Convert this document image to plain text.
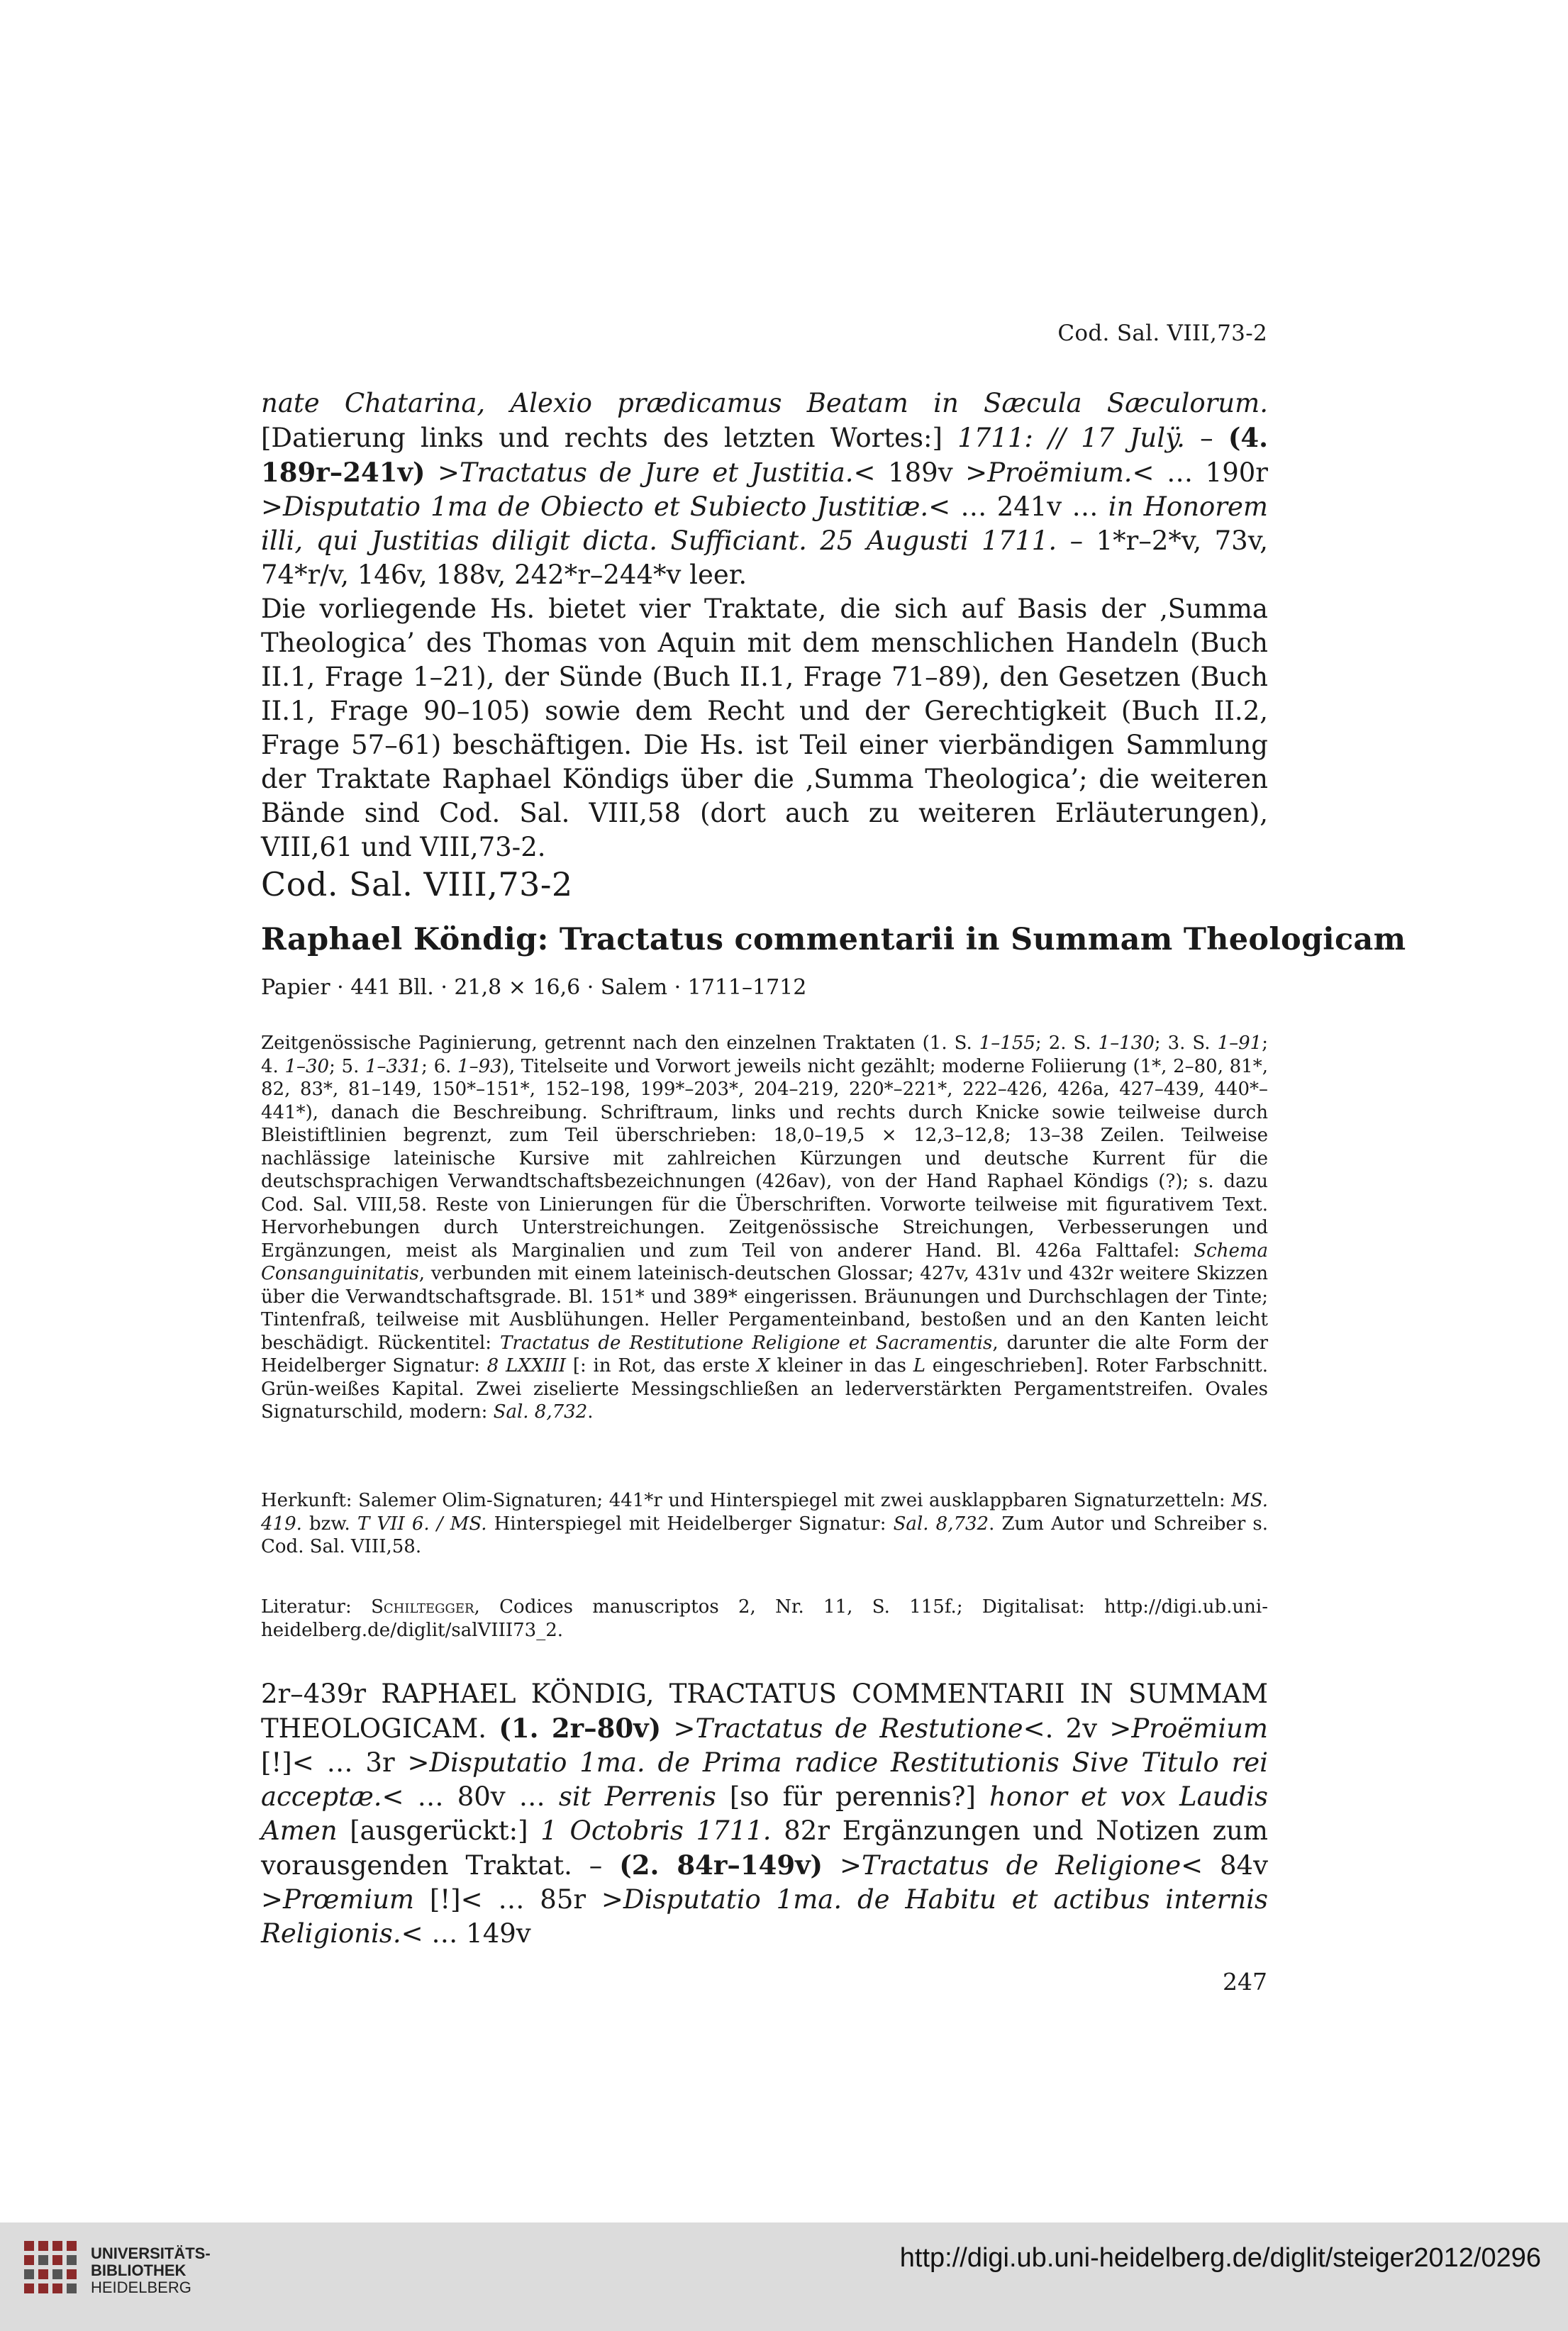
Cod. Sal. VIII,73-2

nate Chatarina, Alexio prædicamus Beatam in Sæcula Sæculorum. [Datierung links und rechts des letzten Wortes:] 1711: // 17 Julÿ. – (4. 189r–241v) >Tractatus de Jure et Justitia.< 189v >Proëmium.< … 190r >Disputatio 1ma de Obiecto et Subiecto Justitiæ.< … 241v … in Honorem illi, qui Justitias diligit dicta. Sufficiant. 25 Augusti 1711. – 1*r–2*v, 73v, 74*r/v, 146v, 188v, 242*r–244*v leer.

Die vorliegende Hs. bietet vier Traktate, die sich auf Basis der ‚Summa Theologica’ des Thomas von Aquin mit dem menschlichen Handeln (Buch II.1, Frage 1–21), der Sünde (Buch II.1, Frage 71–89), den Gesetzen (Buch II.1, Frage 90–105) sowie dem Recht und der Gerechtigkeit (Buch II.2, Frage 57–61) beschäftigen. Die Hs. ist Teil einer vierbändigen Sammlung der Traktate Raphael Köndigs über die ‚Summa Theologica’; die weiteren Bände sind Cod. Sal. VIII,58 (dort auch zu weiteren Erläuterungen), VIII,61 und VIII,73-2.

Cod. Sal. VIII,73-2
Raphael Köndig: Tractatus commentarii in Summam Theologicam
Papier · 441 Bll. · 21,8 × 16,6 · Salem · 1711–1712

Zeitgenössische Paginierung, getrennt nach den einzelnen Traktaten (1. S. 1–155; 2. S. 1–130; 3. S. 1–91; 4. 1–30; 5. 1–331; 6. 1–93), Titelseite und Vorwort jeweils nicht gezählt; moderne Foliierung (1*, 2–80, 81*, 82, 83*, 81–149, 150*–151*, 152–198, 199*–203*, 204–219, 220*–221*, 222–426, 426a, 427–439, 440*–441*), danach die Beschreibung. Schriftraum, links und rechts durch Knicke sowie teilweise durch Bleistiftlinien begrenzt, zum Teil überschrieben: 18,0–19,5 × 12,3–12,8; 13–38 Zeilen. Teilweise nachlässige lateinische Kursive mit zahlreichen Kürzungen und deutsche Kurrent für die deutschsprachigen Verwandtschaftsbezeichnungen (426av), von der Hand Raphael Köndigs (?); s. dazu Cod. Sal. VIII,58. Reste von Linierungen für die Überschriften. Vorworte teilweise mit figurativem Text. Hervorhebungen durch Unterstreichungen. Zeitgenössische Streichungen, Verbesserungen und Ergänzungen, meist als Marginalien und zum Teil von anderer Hand. Bl. 426a Falttafel: Schema Consanguinitatis, verbunden mit einem lateinisch-deutschen Glossar; 427v, 431v und 432r weitere Skizzen über die Verwandtschaftsgrade. Bl. 151* und 389* eingerissen. Bräunungen und Durchschlagen der Tinte; Tintenfraß, teilweise mit Ausblühungen. Heller Pergamenteinband, bestoßen und an den Kanten leicht beschädigt. Rückentitel: Tractatus de Restitutione Religione et Sacramentis, darunter die alte Form der Heidelberger Signatur: 8 LXXIII [: in Rot, das erste X kleiner in das L eingeschrieben]. Roter Farbschnitt. Grün-weißes Kapital. Zwei ziselierte Messingschließen an lederverstärkten Pergamentstreifen. Ovales Signaturschild, modern: Sal. 8,732.

Herkunft: Salemer Olim-Signaturen; 441*r und Hinterspiegel mit zwei ausklappbaren Signaturzetteln: MS. 419. bzw. T VII 6. / MS. Hinterspiegel mit Heidelberger Signatur: Sal. 8,732. Zum Autor und Schreiber s. Cod. Sal. VIII,58.

Literatur: Schiltegger, Codices manuscriptos 2, Nr. 11, S. 115f.; Digitalisat: http://digi.ub.uni-heidelberg.de/diglit/salVIII73_2.

2r–439r RAPHAEL KÖNDIG, TRACTATUS COMMENTARII IN SUMMAM THEOLOGICAM. (1. 2r–80v) >Tractatus de Restutione<. 2v >Proëmium [!]< … 3r >Disputatio 1ma. de Prima radice Restitutionis Sive Titulo rei acceptæ.< … 80v … sit Perrenis [so für perennis?] honor et vox Laudis Amen [ausgerückt:] 1 Octobris 1711. 82r Ergänzungen und Notizen zum vorausgenden Traktat. – (2. 84r–149v) >Tractatus de Religione< 84v >Prœmium [!]< … 85r >Disputatio 1ma. de Habitu et actibus internis Religionis.< … 149v

247
UNIVERSITÄTS-
BIBLIOTHEK
HEIDELBERG
http://digi.ub.uni-heidelberg.de/diglit/steiger2012/0296
